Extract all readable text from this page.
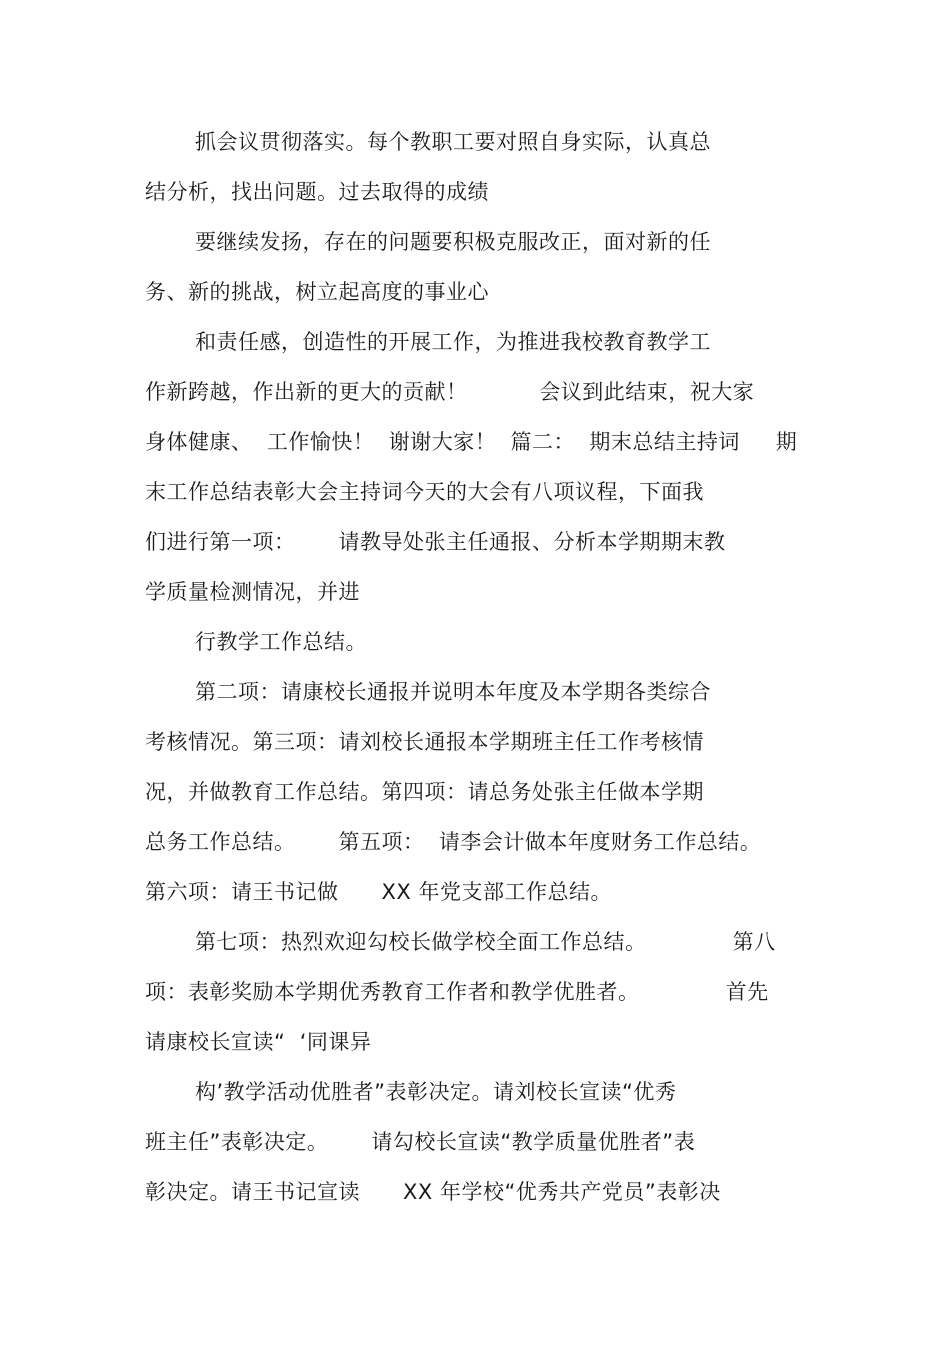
抓会议贯彻落实。每个教职工要对照自身实际，认真总
结分析，找出问题。过去取得的成绩
要继续发扬，存在的问题要积极克服改正，面对新的任
务、新的挑战，树立起高度的事业心
和责任感，创造性的开展工作，为推进我校教育教学工
作新跨越，作出新的更大的贡献！          会议到此结束，祝大家
身体健康、  工作愉快！  谢谢大家！  篇二：  期末总结主持词     期
末工作总结表彰大会主持词今天的大会有八项议程，下面我
们进行第一项：      请教导处张主任通报、分析本学期期末教
学质量检测情况，并进
行教学工作总结。
第二项：请康校长通报并说明本年度及本学期各类综合
考核情况。第三项：请刘校长通报本学期班主任工作考核情
况，并做教育工作总结。第四项：请总务处张主任做本学期
总务工作总结。      第五项：  请李会计做本年度财务工作总结。
第六项：请王书记做      XX 年党支部工作总结。
第七项：热烈欢迎勾校长做学校全面工作总结。            第八
项：表彰奖励本学期优秀教育工作者和教学优胜者。            首先
请康校长宣读“  ‘同课异
构’教学活动优胜者”表彰决定。请刘校长宣读“优秀
班主任”表彰决定。      请勾校长宣读“教学质量优胜者”表
彰决定。请王书记宣读      XX 年学校“优秀共产党员”表彰决
